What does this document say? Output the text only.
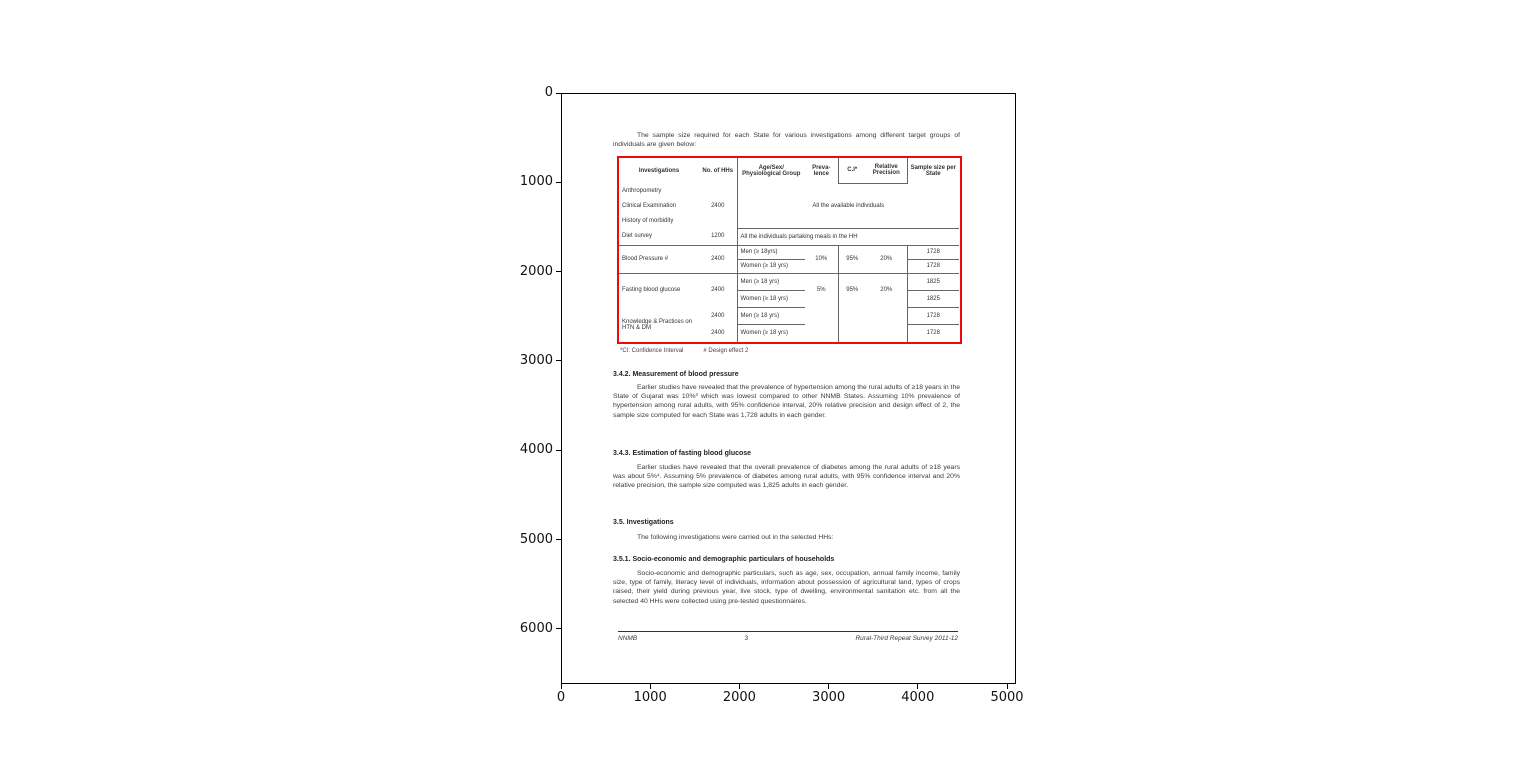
0	1000	2000	3000	4000	5000
0
1000
2000
3000
4000
5000
6000
The sample size required for each State for various investigations among different target groups of individuals are given below:
Investigations	No. of HHs	Age/Sex/ Physiological Group	Preva- lence	C.I*	Relative Precision	Sample size per State
Anthropometry		All the available individuals				
Clinical Examination	2400					
History of morbidity						
Diet survey	1200	All the individuals partaking meals in the HH				
Blood Pressure #	2400	Men (≥ 18yrs)	10%	95%	20%	1728
		Women (≥ 18 yrs)				1728
Fasting blood glucose	2400	Men (≥ 18 yrs)	5%	95%	20%	1825
		Women (≥ 18 yrs)				1825
Knowledge & Practices on HTN & DM	2400	Men (≥ 18 yrs)				1728
	2400	Women (≥ 18 yrs)				1728
*CI: Confidence Interval	# Design effect 2
3.4.2. Measurement of blood pressure
Earlier studies have revealed that the prevalence of hypertension among the rural adults of ≥18 years in the State of Gujarat was 10%³ which was lowest compared to other NNMB States. Assuming 10% prevalence of hypertension among rural adults, with 95% confidence interval, 20% relative precision and design effect of 2, the sample size computed for each State was 1,728 adults in each gender.
3.4.3. Estimation of fasting blood glucose
Earlier studies have revealed that the overall prevalence of diabetes among the rural adults of ≥18 years was about 5%⁴. Assuming 5% prevalence of diabetes among rural adults, with 95% confidence interval and 20% relative precision, the sample size computed was 1,825 adults in each gender.
3.5. Investigations
The following investigations were carried out in the selected HHs:
3.5.1. Socio-economic and demographic particulars of households
Socio-economic and demographic particulars, such as age, sex, occupation, annual family income, family size, type of family, literacy level of individuals, information about possession of agricultural land, types of crops raised, their yield during previous year, live stock, type of dwelling, environmental sanitation etc. from all the selected 40 HHs were collected using pre-tested questionnaires.
NNMB	3	Rural-Third Repeat Survey 2011-12
